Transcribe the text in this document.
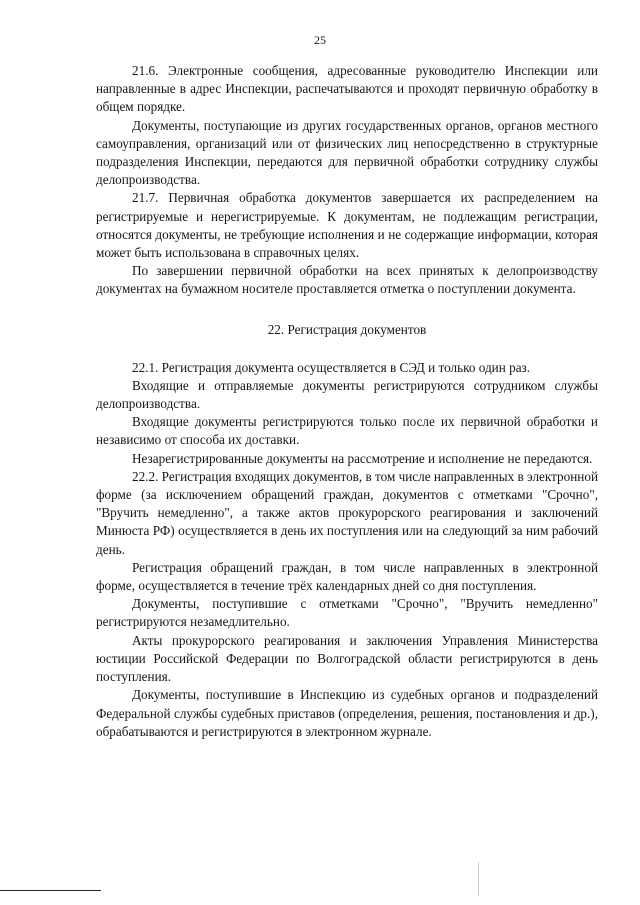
25

21.6. Электронные сообщения, адресованные руководителю Инспекции или направленные в адрес Инспекции, распечатываются и проходят первичную обработку в общем порядке.

Документы, поступающие из других государственных органов, органов местного самоуправления, организаций или от физических лиц непосредственно в структурные подразделения Инспекции, передаются для первичной обработки сотруднику службы делопроизводства.

21.7. Первичная обработка документов завершается их распределением на регистрируемые и нерегистрируемые. К документам, не подлежащим регистрации, относятся документы, не требующие исполнения и не содержащие информации, которая может быть использована в справочных целях.

По завершении первичной обработки на всех принятых к делопроизводству документах на бумажном носителе проставляется отметка о поступлении документа.

22. Регистрация документов

22.1. Регистрация документа осуществляется в СЭД и только один раз.

Входящие и отправляемые документы регистрируются сотрудником службы делопроизводства.

Входящие документы регистрируются только после их первичной обработки и независимо от способа их доставки.

Незарегистрированные документы на рассмотрение и исполнение не передаются.

22.2. Регистрация входящих документов, в том числе направленных в электронной форме (за исключением обращений граждан, документов с отметками "Срочно", "Вручить немедленно", а также актов прокурорского реагирования и заключений Минюста РФ) осуществляется в день их поступления или на следующий за ним рабочий день.

Регистрация обращений граждан, в том числе направленных в электронной форме, осуществляется в течение трёх календарных дней со дня поступления.

Документы, поступившие с отметками "Срочно", "Вручить немедленно" регистрируются незамедлительно.

Акты прокурорского реагирования и заключения Управления Министерства юстиции Российской Федерации по Волгоградской области регистрируются в день поступления.

Документы, поступившие в Инспекцию из судебных органов и подразделений Федеральной службы судебных приставов (определения, решения, постановления и др.), обрабатываются и регистрируются в электронном журнале.
